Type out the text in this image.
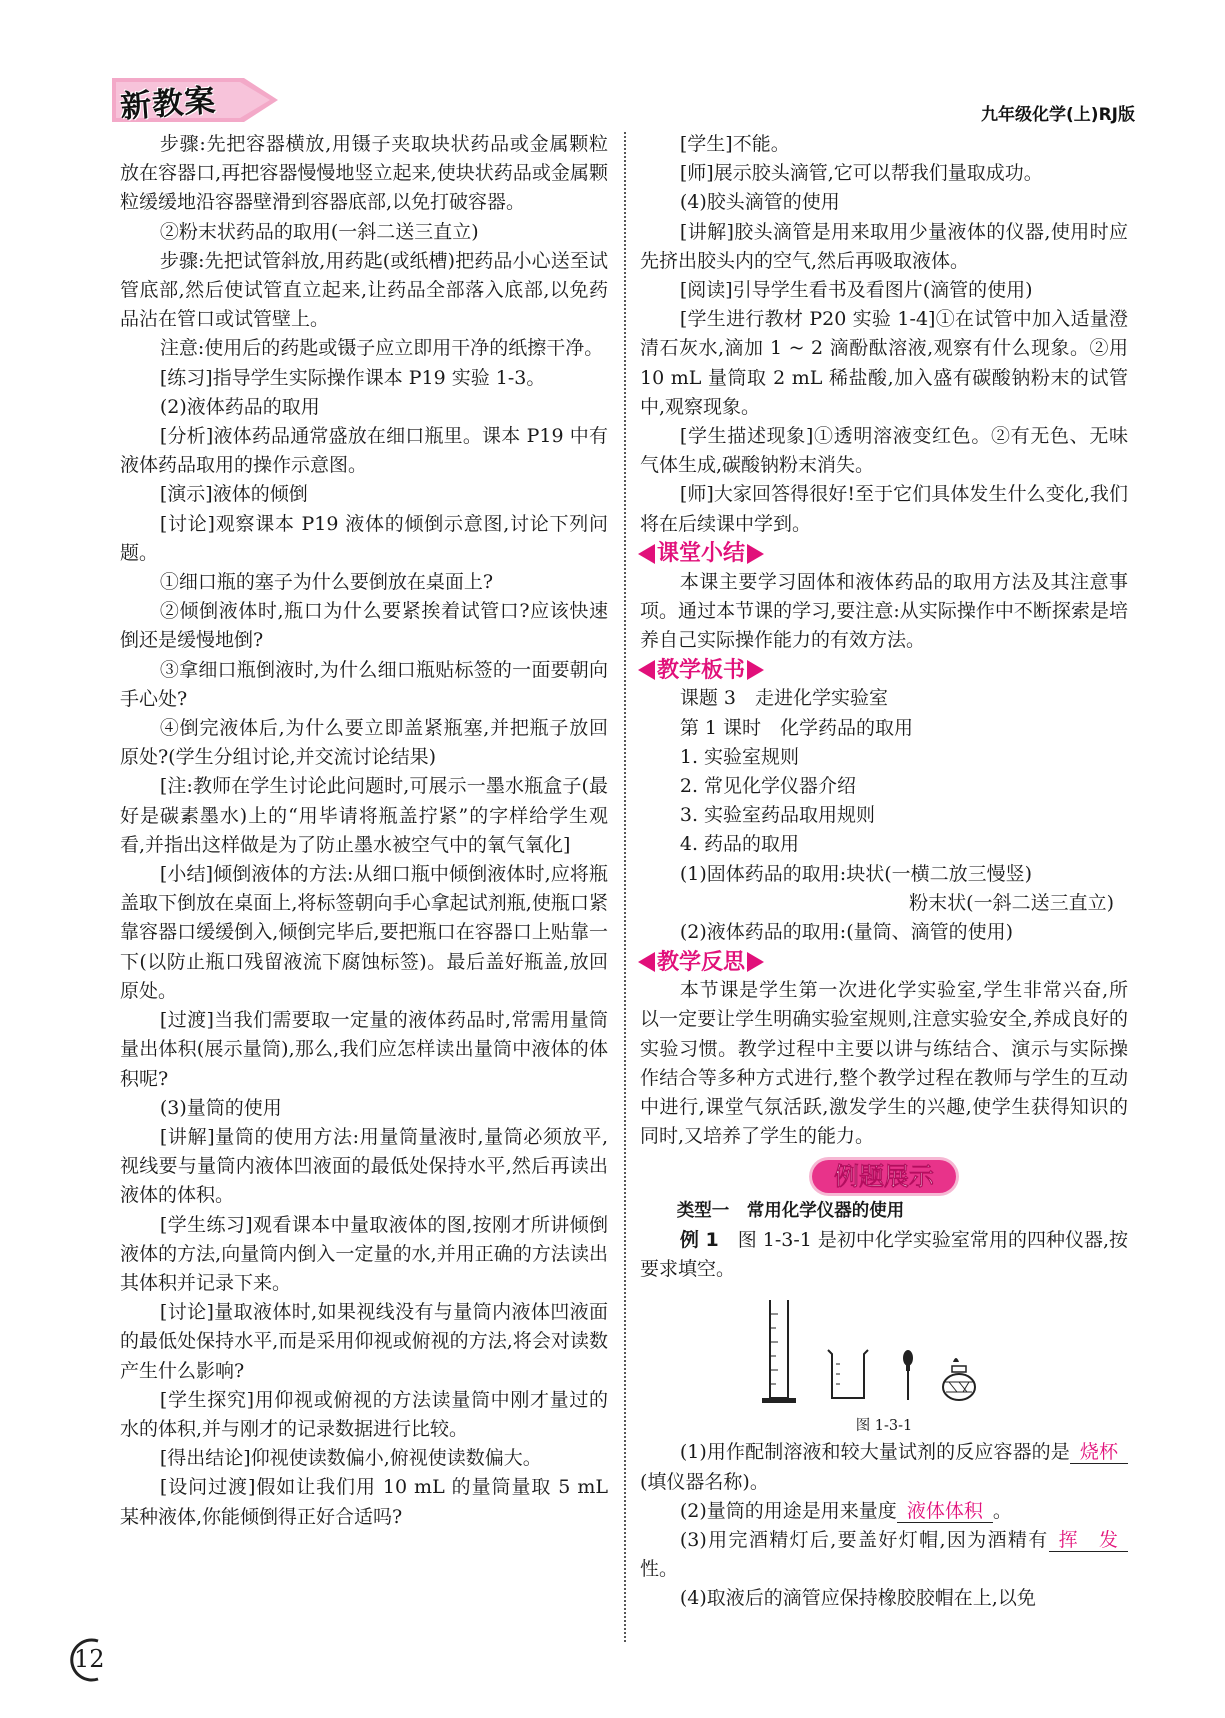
新教案	九年级化学(上)RJ版

步骤:先把容器横放,用镊子夹取块状药品或金属颗粒放在容器口,再把容器慢慢地竖立起来,使块状药品或金属颗粒缓缓地沿容器壁滑到容器底部,以免打破容器。

②粉末状药品的取用(一斜二送三直立)

步骤:先把试管斜放,用药匙(或纸槽)把药品小心送至试管底部,然后使试管直立起来,让药品全部落入底部,以免药品沾在管口或试管壁上。

注意:使用后的药匙或镊子应立即用干净的纸擦干净。

[练习]指导学生实际操作课本 P19 实验 1-3。

(2)液体药品的取用

[分析]液体药品通常盛放在细口瓶里。课本 P19 中有液体药品取用的操作示意图。

[演示]液体的倾倒

[讨论]观察课本 P19 液体的倾倒示意图,讨论下列问题。

①细口瓶的塞子为什么要倒放在桌面上?

②倾倒液体时,瓶口为什么要紧挨着试管口?应该快速倒还是缓慢地倒?

③拿细口瓶倒液时,为什么细口瓶贴标签的一面要朝向手心处?

④倒完液体后,为什么要立即盖紧瓶塞,并把瓶子放回原处?(学生分组讨论,并交流讨论结果)

[注:教师在学生讨论此问题时,可展示一墨水瓶盒子(最好是碳素墨水)上的“用毕请将瓶盖拧紧”的字样给学生观看,并指出这样做是为了防止墨水被空气中的氧气氧化]

[小结]倾倒液体的方法:从细口瓶中倾倒液体时,应将瓶盖取下倒放在桌面上,将标签朝向手心拿起试剂瓶,使瓶口紧靠容器口缓缓倒入,倾倒完毕后,要把瓶口在容器口上贴靠一下(以防止瓶口残留液流下腐蚀标签)。最后盖好瓶盖,放回原处。

[过渡]当我们需要取一定量的液体药品时,常需用量筒量出体积(展示量筒),那么,我们应怎样读出量筒中液体的体积呢?

(3)量筒的使用

[讲解]量筒的使用方法:用量筒量液时,量筒必须放平,视线要与量筒内液体凹液面的最低处保持水平,然后再读出液体的体积。

[学生练习]观看课本中量取液体的图,按刚才所讲倾倒液体的方法,向量筒内倒入一定量的水,并用正确的方法读出其体积并记录下来。

[讨论]量取液体时,如果视线没有与量筒内液体凹液面的最低处保持水平,而是采用仰视或俯视的方法,将会对读数产生什么影响?

[学生探究]用仰视或俯视的方法读量筒中刚才量过的水的体积,并与刚才的记录数据进行比较。

[得出结论]仰视使读数偏小,俯视使读数偏大。

[设问过渡]假如让我们用 10 mL 的量筒量取 5 mL 某种液体,你能倾倒得正好合适吗?

[学生]不能。

[师]展示胶头滴管,它可以帮我们量取成功。

(4)胶头滴管的使用

[讲解]胶头滴管是用来取用少量液体的仪器,使用时应先挤出胶头内的空气,然后再吸取液体。

[阅读]引导学生看书及看图片(滴管的使用)

[学生进行教材 P20 实验 1-4]①在试管中加入适量澄清石灰水,滴加 1 ~ 2 滴酚酞溶液,观察有什么现象。②用 10 mL 量筒取 2 mL 稀盐酸,加入盛有碳酸钠粉末的试管中,观察现象。

[学生描述现象]①透明溶液变红色。②有无色、无味气体生成,碳酸钠粉末消失。

[师]大家回答得很好!至于它们具体发生什么变化,我们将在后续课中学到。

课堂小结

本课主要学习固体和液体药品的取用方法及其注意事项。通过本节课的学习,要注意:从实际操作中不断探索是培养自己实际操作能力的有效方法。

教学板书

课题 3　走进化学实验室

第 1 课时　化学药品的取用

1. 实验室规则

2. 常见化学仪器介绍

3. 实验室药品取用规则

4. 药品的取用

(1)固体药品的取用:块状(一横二放三慢竖)

粉末状(一斜二送三直立)

(2)液体药品的取用:(量筒、滴管的使用)

教学反思

本节课是学生第一次进化学实验室,学生非常兴奋,所以一定要让学生明确实验室规则,注意实验安全,养成良好的实验习惯。教学过程中主要以讲与练结合、演示与实际操作结合等多种方式进行,整个教学过程在教师与学生的互动中进行,课堂气氛活跃,激发学生的兴趣,使学生获得知识的同时,又培养了学生的能力。

例题展示

类型一　常用化学仪器的使用

例 1　图 1-3-1 是初中化学实验室常用的四种仪器,按要求填空。

图 1-3-1

(1)用作配制溶液和较大量试剂的反应容器的是 烧杯(填仪器名称)。

(2)量筒的用途是用来量度 液体体积 。

(3)用完酒精灯后,要盖好灯帽,因为酒精有 挥 发性。

(4)取液后的滴管应保持橡胶胶帽在上,以免

12
